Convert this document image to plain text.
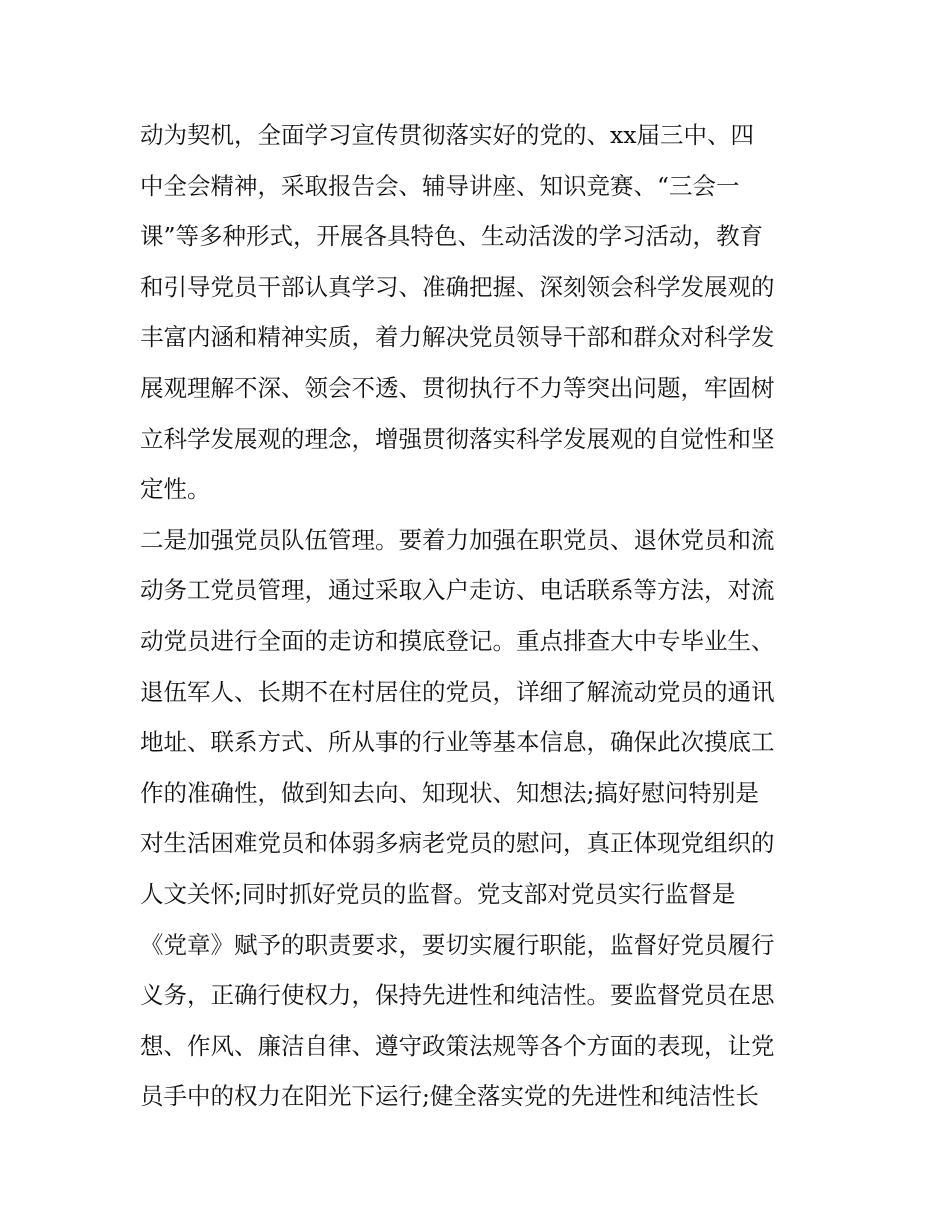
动为契机，全面学习宣传贯彻落实好的党的、xx届三中、四
中全会精神，采取报告会、辅导讲座、知识竞赛、“三会一
课”等多种形式，开展各具特色、生动活泼的学习活动，教育
和引导党员干部认真学习、准确把握、深刻领会科学发展观的
丰富内涵和精神实质，着力解决党员领导干部和群众对科学发
展观理解不深、领会不透、贯彻执行不力等突出问题，牢固树
立科学发展观的理念，增强贯彻落实科学发展观的自觉性和坚
定性。
二是加强党员队伍管理。要着力加强在职党员、退休党员和流
动务工党员管理，通过采取入户走访、电话联系等方法，对流
动党员进行全面的走访和摸底登记。重点排查大中专毕业生、
退伍军人、长期不在村居住的党员，详细了解流动党员的通讯
地址、联系方式、所从事的行业等基本信息，确保此次摸底工
作的准确性，做到知去向、知现状、知想法;搞好慰问特别是
对生活困难党员和体弱多病老党员的慰问，真正体现党组织的
人文关怀;同时抓好党员的监督。党支部对党员实行监督是
《党章》赋予的职责要求，要切实履行职能，监督好党员履行
义务，正确行使权力，保持先进性和纯洁性。要监督党员在思
想、作风、廉洁自律、遵守政策法规等各个方面的表现，让党
员手中的权力在阳光下运行;健全落实党的先进性和纯洁性长
